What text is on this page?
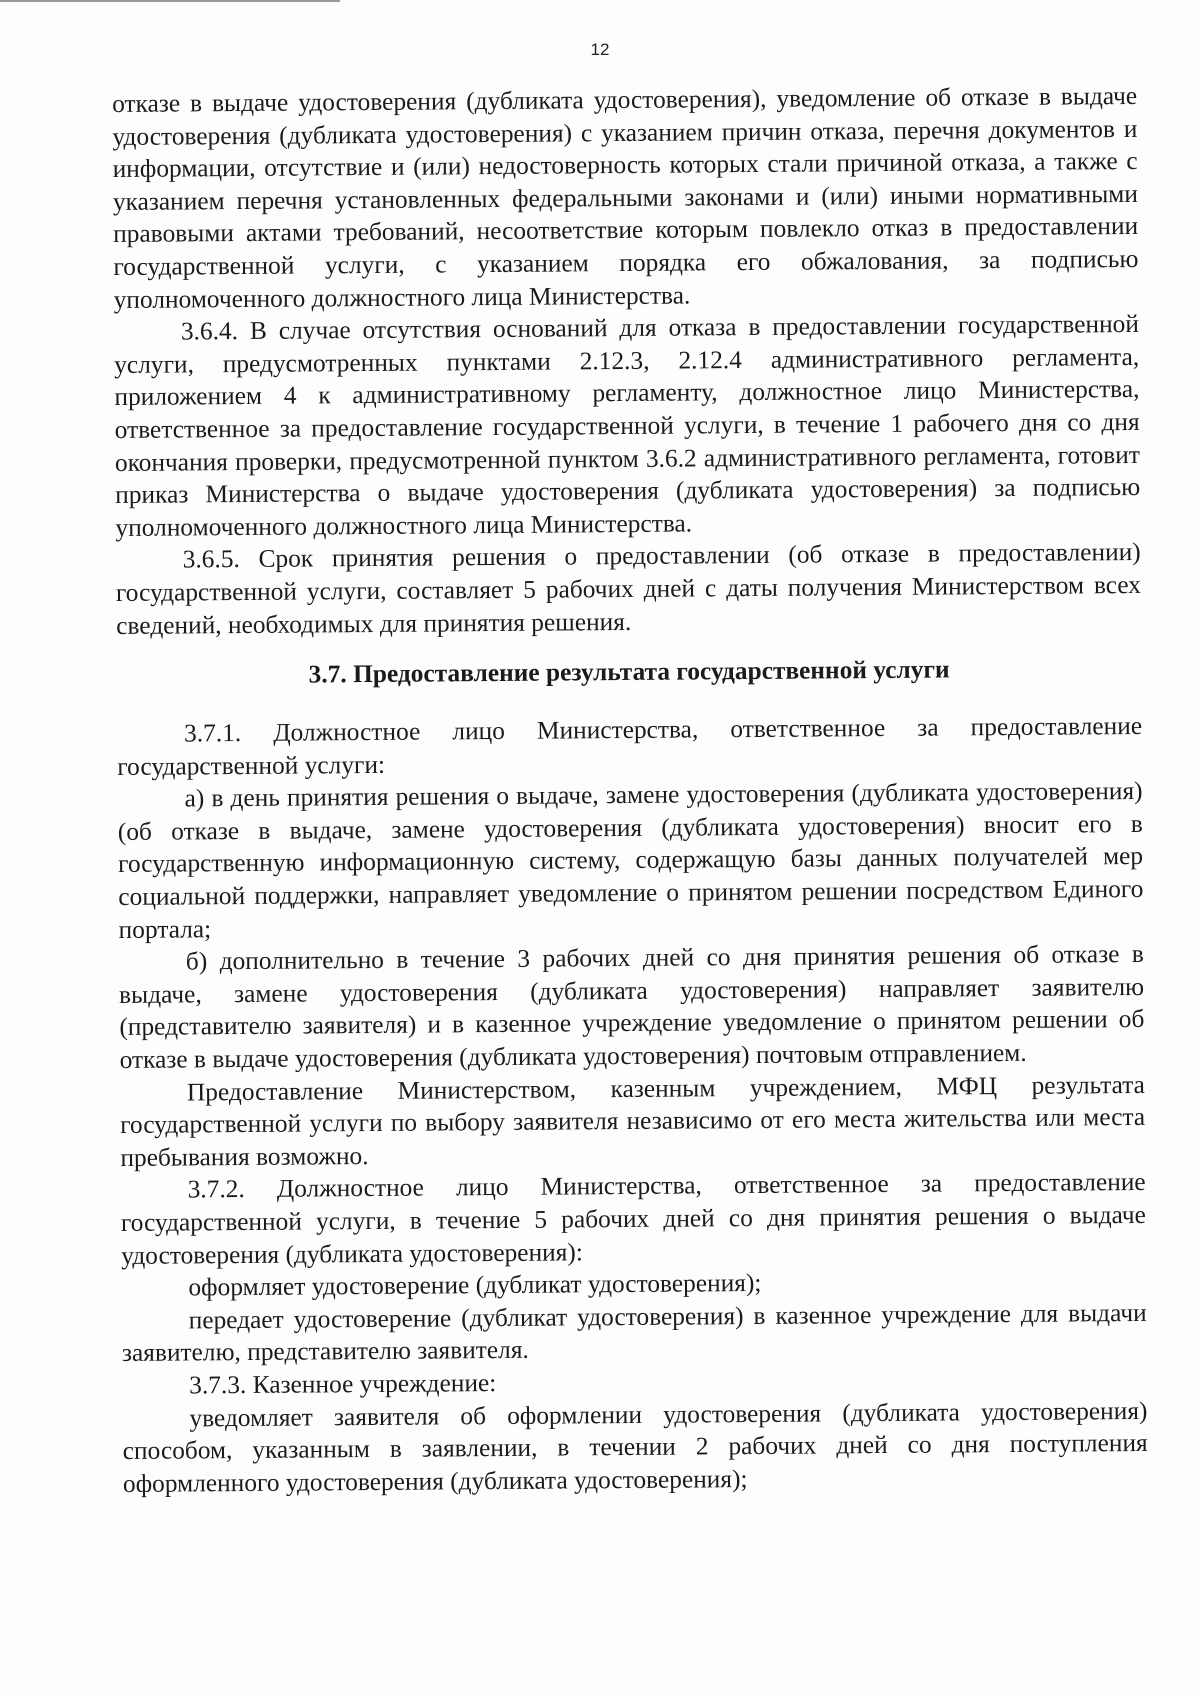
12

отказе в выдаче удостоверения (дубликата удостоверения), уведомление об отказе в выдаче удостоверения (дубликата удостоверения) с указанием причин отказа, перечня документов и информации, отсутствие и (или) недостоверность которых стали причиной отказа, а также с указанием перечня установленных федеральными законами и (или) иными нормативными правовыми актами требований, несоответствие которым повлекло отказ в предоставлении государственной услуги, с указанием порядка его обжалования, за подписью уполномоченного должностного лица Министерства.

3.6.4. В случае отсутствия оснований для отказа в предоставлении государственной услуги, предусмотренных пунктами 2.12.3, 2.12.4 административного регламента, приложением 4 к административному регламенту, должностное лицо Министерства, ответственное за предоставление государственной услуги, в течение 1 рабочего дня со дня окончания проверки, предусмотренной пунктом 3.6.2 административного регламента, готовит приказ Министерства о выдаче удостоверения (дубликата удостоверения) за подписью уполномоченного должностного лица Министерства.

3.6.5. Срок принятия решения о предоставлении (об отказе в предоставлении) государственной услуги, составляет 5 рабочих дней с даты получения Министерством всех сведений, необходимых для принятия решения.

3.7. Предоставление результата государственной услуги

3.7.1. Должностное лицо Министерства, ответственное за предоставление государственной услуги:

а) в день принятия решения о выдаче, замене удостоверения (дубликата удостоверения) (об отказе в выдаче, замене удостоверения (дубликата удостоверения) вносит его в государственную информационную систему, содержащую базы данных получателей мер социальной поддержки, направляет уведомление о принятом решении посредством Единого портала;

б) дополнительно в течение 3 рабочих дней со дня принятия решения об отказе в выдаче, замене удостоверения (дубликата удостоверения) направляет заявителю (представителю заявителя) и в казенное учреждение уведомление о принятом решении об отказе в выдаче удостоверения (дубликата удостоверения) почтовым отправлением.

Предоставление Министерством, казенным учреждением, МФЦ результата государственной услуги по выбору заявителя независимо от его места жительства или места пребывания возможно.

3.7.2. Должностное лицо Министерства, ответственное за предоставление государственной услуги, в течение 5 рабочих дней со дня принятия решения о выдаче удостоверения (дубликата удостоверения):

оформляет удостоверение (дубликат удостоверения);

передает удостоверение (дубликат удостоверения) в казенное учреждение для выдачи заявителю, представителю заявителя.

3.7.3. Казенное учреждение:

уведомляет заявителя об оформлении удостоверения (дубликата удостоверения) способом, указанным в заявлении, в течении 2 рабочих дней со дня поступления оформленного удостоверения (дубликата удостоверения);
